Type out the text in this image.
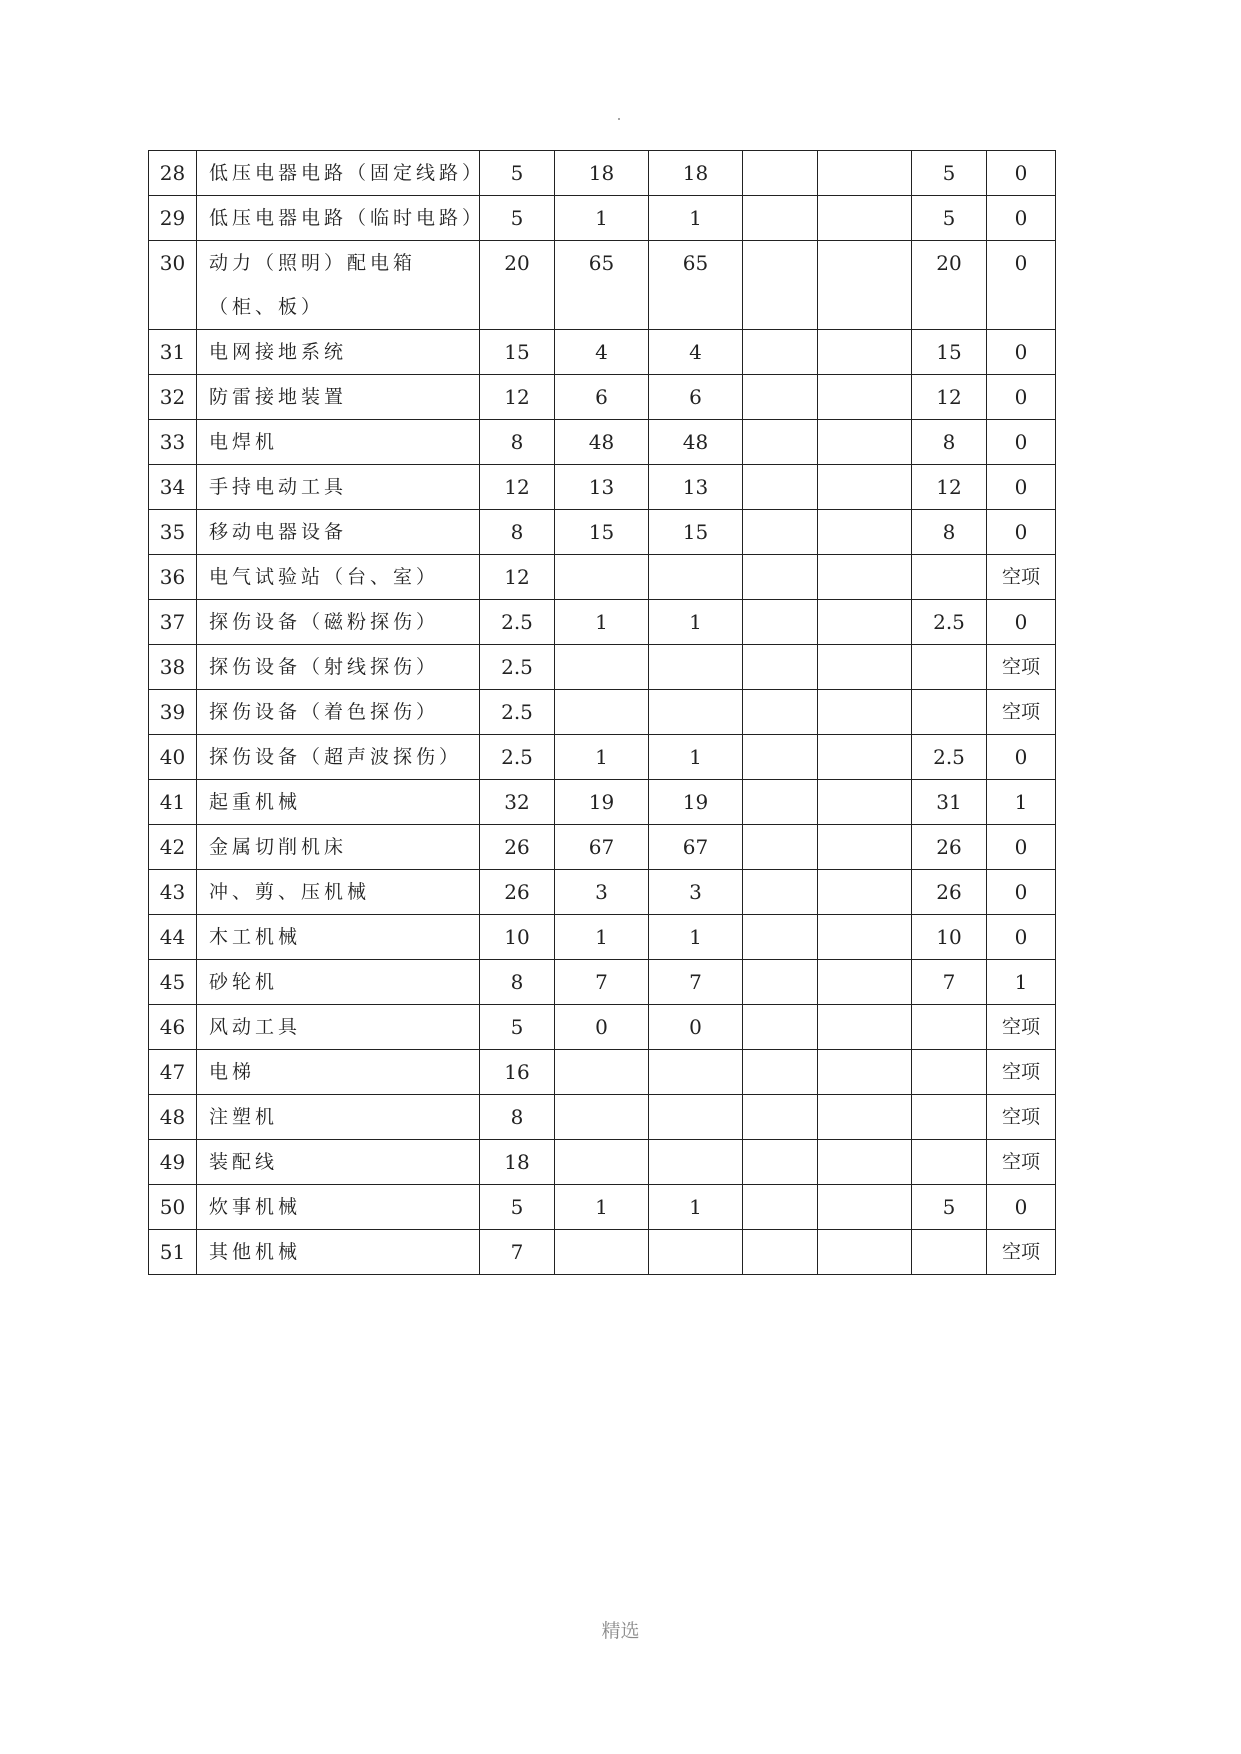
28	低压电器电路（固定线路）	5	18	18			5	0
29	低压电器电路（临时电路）	5	1	1			5	0
30	动力（照明）配电箱（柜、板）	20	65	65			20	0
31	电网接地系统	15	4	4			15	0
32	防雷接地装置	12	6	6			12	0
33	电焊机	8	48	48			8	0
34	手持电动工具	12	13	13			12	0
35	移动电器设备	8	15	15			8	0
36	电气试验站（台、室）	12						空项
37	探伤设备（磁粉探伤）	2.5	1	1			2.5	0
38	探伤设备（射线探伤）	2.5						空项
39	探伤设备（着色探伤）	2.5						空项
40	探伤设备（超声波探伤）	2.5	1	1			2.5	0
41	起重机械	32	19	19			31	1
42	金属切削机床	26	67	67			26	0
43	冲、剪、压机械	26	3	3			26	0
44	木工机械	10	1	1			10	0
45	砂轮机	8	7	7			7	1
46	风动工具	5	0	0				空项
47	电梯	16						空项
48	注塑机	8						空项
49	装配线	18						空项
50	炊事机械	5	1	1			5	0
51	其他机械	7						空项
精选
